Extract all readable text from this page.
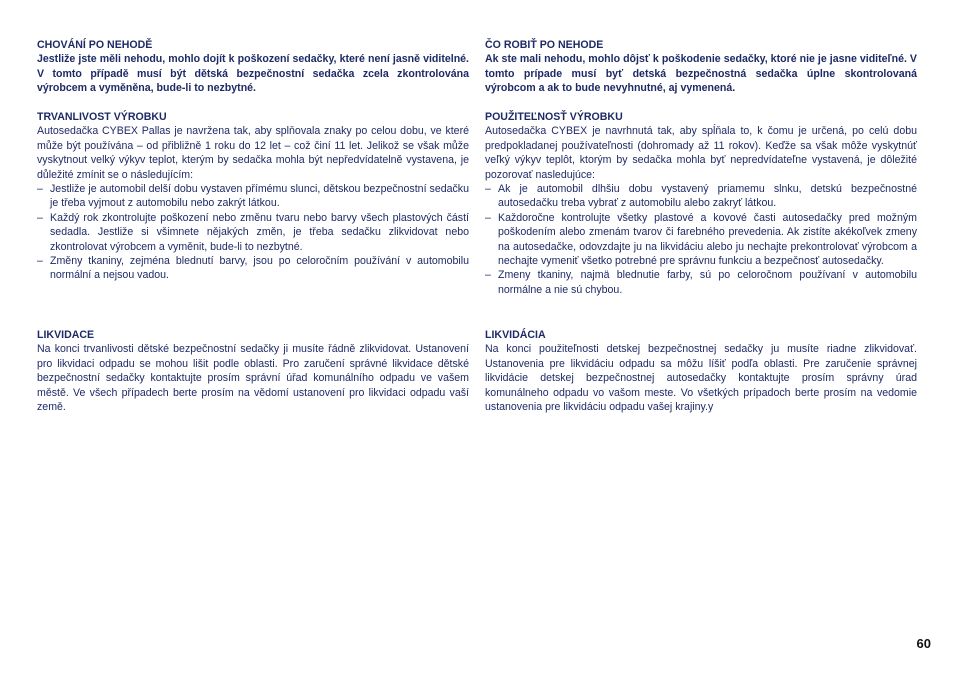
CHOVÁNÍ PO NEHODĚ

Jestliže jste měli nehodu, mohlo dojít k poškození sedačky, které není jasně viditelné. V tomto případě musí být dětská bezpečnostní sedačka zcela zkontrolována výrobcem a vyměněna, bude-li to nezbytné.

TRVANLIVOST VÝROBKU

Autosedačka CYBEX Pallas je navržena tak, aby splňovala znaky po celou dobu, ve které může být používána – od přibližně 1 roku do 12 let – což činí 11 let. Jelikož se však může vyskytnout velký výkyv teplot, kterým by sedačka mohla být nepředvídatelně vystavena, je důležité zmínit se o následujícím:

– Jestliže je automobil delší dobu vystaven přímému slunci, dětskou bezpečnostní sedačku je třeba vyjmout z automobilu nebo zakrýt látkou.
– Každý rok zkontrolujte poškození nebo změnu tvaru nebo barvy všech plastových částí sedadla. Jestliže si všimnete nějakých změn, je třeba sedačku zlikvidovat nebo zkontrolovat výrobcem a vyměnit, bude-li to nezbytné.
– Změny tkaniny, zejména blednutí barvy, jsou po celoročním používání v automobilu normální a nejsou vadou.

LIKVIDACE

Na konci trvanlivosti dětské bezpečnostní sedačky ji musíte řádně zlikvidovat. Ustanovení pro likvidaci odpadu se mohou lišit podle oblasti. Pro zaručení správné likvidace dětské bezpečnostní sedačky kontaktujte prosím správní úřad komunálního odpadu ve vašem městě. Ve všech případech berte prosím na vědomí ustanovení pro likvidaci odpadu vaší země.

ČO ROBIŤ PO NEHODE

Ak ste mali nehodu, mohlo dôjsť k poškodenie sedačky, ktoré nie je jasne viditeľné. V tomto prípade musí byť detská bezpečnostná sedačka úplne skontrolovaná výrobcom a ak to bude nevyhnutné, aj vymenená.

POUŽITEĽNOSŤ VÝROBKU

Autosedačka CYBEX je navrhnutá tak, aby spĺňala to, k čomu je určená, po celú dobu predpokladanej používateľnosti (dohromady až 11 rokov). Keďže sa však môže vyskytnúť veľký výkyv teplôt, ktorým by sedačka mohla byť nepredvídateľne vystavená, je dôležité pozorovať nasledujúce:

– Ak je automobil dlhšiu dobu vystavený priamemu slnku, detskú bezpečnostné autosedačku treba vybrať z automobilu alebo zakryť látkou.
– Každoročne kontrolujte všetky plastové a kovové časti autosedačky pred možným poškodením alebo zmenám tvarov či farebného prevedenia. Ak zistíte akékoľvek zmeny na autosedačke, odovzdajte ju na likvidáciu alebo ju nechajte prekontrolovať výrobcom a nechajte vymeniť všetko potrebné pre správnu funkciu a bezpečnosť autosedačky.
– Zmeny tkaniny, najmä blednutie farby, sú po celoročnom používaní v automobilu normálne a nie sú chybou.

LIKVIDÁCIA

Na konci použiteľnosti detskej bezpečnostnej sedačky ju musíte riadne zlikvidovať. Ustanovenia pre likvidáciu odpadu sa môžu líšiť podľa oblasti. Pre zaručenie správnej likvidácie detskej bezpečnostnej autosedačky kontaktujte prosím správny úrad komunálneho odpadu vo vašom meste. Vo všetkých prípadoch berte prosím na vedomie ustanovenia pre likvidáciu odpadu vašej krajiny.y

60
